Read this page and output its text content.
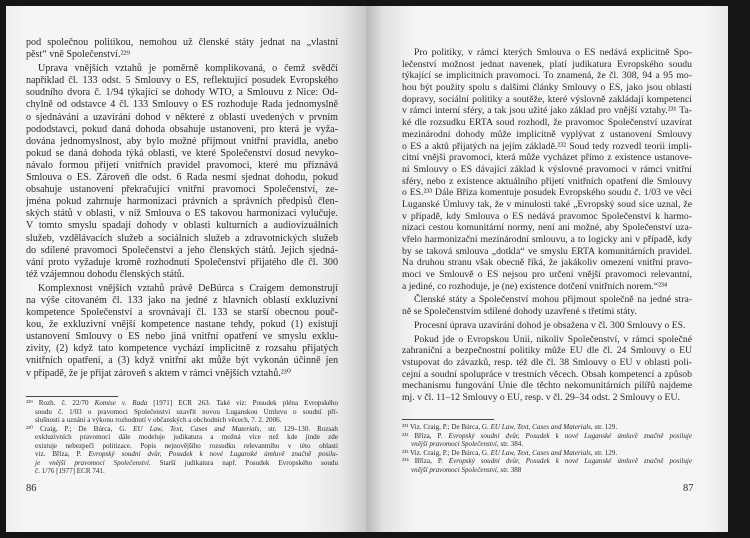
pod společnou politikou, nemohou už členské státy jednat na „vlastní
pěst“ vně Společenství.²²⁹
Úprava vnějších vztahů je poměrně komplikovaná, o čemž svědčí
například čl. 133 odst. 5 Smlouvy o ES, reflektující posudek Evropského
soudního dvora č. 1/94 týkající se dohody WTO, a Smlouvu z Nice: Od-
chylně od odstavce 4 čl. 133 Smlouvy o ES rozhoduje Rada jednomyslně
o sjednávání a uzavírání dohod v některé z oblastí uvedených v prvním
pododstavci, pokud daná dohoda obsahuje ustanovení, pro která je vyža-
dována jednomyslnost, aby bylo možné přijmout vnitřní pravidla, anebo
pokud se daná dohoda týká oblasti, ve které Společenství dosud nevyko-
návalo formou přijetí vnitřních pravidel pravomoci, které mu přiznává
Smlouva o ES. Zároveň dle odst. 6 Rada nesmí sjednat dohodu, pokud
obsahuje ustanovení překračující vnitřní pravomoci Společenství, ze-
jména pokud zahrnuje harmonizaci právních a správních předpisů člen-
ských států v oblasti, v níž Smlouva o ES takovou harmonizaci vylučuje.
V tomto smyslu spadají dohody v oblasti kulturních a audiovizuálních
služeb, vzdělávacích služeb a sociálních služeb a zdravotnických služeb
do sdílené pravomoci Společenství a jeho členských států. Jejich sjedná-
vání proto vyžaduje kromě rozhodnutí Společenství přijatého dle čl. 300
též vzájemnou dohodu členských států.
Komplexnost vnějších vztahů právě DeBúrca s Craigem demonstrují
na výše citovaném čl. 133 jako na jedné z hlavních oblastí exkluzivní
kompetence Společenství a srovnávají čl. 133 se starší obecnou pouč-
kou, že exkluzivní vnější kompetence nastane tehdy, pokud (1) existují
ustanovení Smlouvy o ES nebo jiná vnitřní opatření ve smyslu exklu-
zivity, (2) když tato kompetence vychází implicitně z rozsahu přijatých
vnitřních opatření, a (3) když vnitřní akt může být vykonán účinně jen
v případě, že je přijat zároveň s aktem v rámci vnějších vztahů.²³⁰
²²⁹ Rozh. č. 22/70 Komise v. Rada [1971] ECR 263. Také viz: Posudek pléna Evropského
soudu č. 1/03 o pravomoci Společenství uzavřít novou Luganskou Úmluvu o soudní pří-
slušnosti a uznání a výkonu rozhodnutí v občanských a obchodních věcech, 7. 2. 2006.
²³⁰ Craig, P.; De Búrca, G. EU Law, Text, Cases and Materials, str. 129–130. Rozsah
exkluzivních pravomocí dále modeluje judikatura a možná více než kde jinde zde
existuje nebezpečí politizace. Popis nejnovějšího rozsudku relevantního v této oblasti
viz. Bříza, P. Evropský soudní dvůr, Posudek k nové Luganské úmluvě značně posilu-
je vnější pravomoci Společenství. Starší judikatura např. Posudek Evropského soudu
č. 1/76 [1977] ECR 741.
86
Pro politiky, v rámci kterých Smlouva o ES nedává explicitně Spo-
lečenství možnost jednat navenek, platí judikatura Evropského soudu
týkající se implicitních pravomocí. To znamená, že čl. 308, 94 a 95 mo-
hou být použity spolu s dalšími články Smlouvy o ES, jako jsou oblasti
dopravy, sociální politiky a soutěže, které výslovně zakládají kompetenci
v rámci interní sféry, a tak jsou užité jako základ pro vnější vztahy.²³¹ Ta-
ké dle rozsudku ERTA soud rozhodl, že pravomoc Společenství uzavírat
mezinárodní dohody může implicitně vyplývat z ustanovení Smlouvy
o ES a aktů přijatých na jejím základě.²³² Soud tedy rozvedl teorii impli-
citní vnější pravomoci, která může vycházet přímo z existence ustanove-
ní Smlouvy o ES dávající základ k výslovné pravomoci v rámci vnitřní
sféry, nebo z existence aktuálního přijetí vnitřních opatření dle Smlouvy
o ES.²³³ Dále Bříza komentuje posudek Evropského soudu č. 1/03 ve věci
Luganské Úmluvy tak, že v minulosti také „Evropský soud sice uznal, že
v případě, kdy Smlouva o ES nedává pravomoc Společenství k harmo-
nizaci cestou komunitární normy, není ani možné, aby Společenství uza-
vřelo harmonizační mezinárodní smlouvu, a to logicky ani v případě, kdy
by se taková smlouva „dotkla“ ve smyslu ERTA komunitárních pravidel.
Na druhou stranu však obecně říká, že jakákoliv omezení vnitřní pravo-
moci ve Smlouvě o ES nejsou pro určení vnější pravomoci relevantní,
a jediné, co rozhoduje, je (ne) existence dotčení vnitřních norem.“²³⁴
Členské státy a Společenství mohou přijmout společně na jedné stra-
ně se Společenstvím sdílené dohody uzavřené s třetími státy.
Procesní úprava uzavírání dohod je obsažena v čl. 300 Smlouvy o ES.
Pokud jde o Evropskou Unii, nikoliv Společenství, v rámci společné
zahraniční a bezpečnostní politiky může EU dle čl. 24 Smlouvy o EU
vstupovat do závazků, resp. též dle čl. 38 Smlouvy o EU v oblasti poli-
cejní a soudní spolupráce v trestních věcech. Obsah kompetencí a způsob
mechanismu fungování Unie dle těchto nekomunitárních pilířů najdeme
mj. v čl. 11–12 Smlouvy o EU, resp. v čl. 29–34 odst. 2 Smlouvy o EU.
²³¹ Viz. Craig, P.; De Búrca, G. EU Law, Text, Cases and Materials, str. 129.
²³² Bříza, P. Evropský soudní dvůr, Posudek k nové Luganské úmluvě značně posiluje
vnější pravomoci Společenství, str. 384.
²³³ Viz. Craig, P.; De Búrca, G. EU Law, Text, Cases and Materials, str. 129.
²³⁴ Bříza, P. Evropský soudní dvůr, Posudek k nové Luganské úmluvě značně posiluje
vnější pravomoci Společenství, str. 388
87
